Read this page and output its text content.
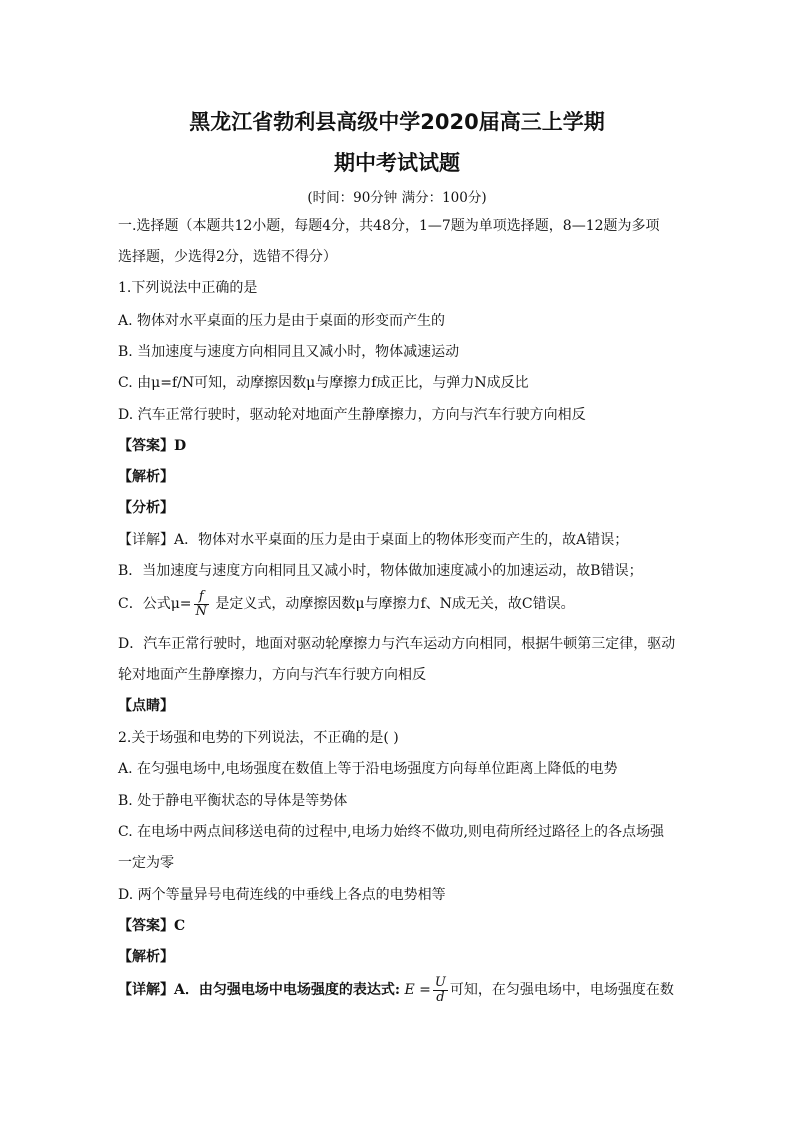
黑龙江省勃利县高级中学2020届高三上学期
期中考试试题
(时间：90分钟 满分：100分)
一.选择题（本题共12小题，每题4分，共48分，1—7题为单项选择题，8—12题为多项
选择题，少选得2分，选错不得分）
1.下列说法中正确的是
A. 物体对水平桌面的压力是由于桌面的形变而产生的
B. 当加速度与速度方向相同且又减小时，物体减速运动
C. 由μ=f/N可知，动摩擦因数μ与摩擦力f成正比，与弹力N成反比
D. 汽车正常行驶时，驱动轮对地面产生静摩擦力，方向与汽车行驶方向相反
【答案】D
【解析】
【分析】
【详解】A．物体对水平桌面的压力是由于桌面上的物体形变而产生的，故A错误；
B．当加速度与速度方向相同且又减小时，物体做加速度减小的加速运动，故B错误；
C．公式$\mu= \frac{f}{N}$ 是定义式，动摩擦因数μ与摩擦力f、N成无关，故C错误。
D．汽车正常行驶时，地面对驱动轮摩擦力与汽车运动方向相同，根据牛顿第三定律，驱动
轮对地面产生静摩擦力，方向与汽车行驶方向相反
【点睛】
2.关于场强和电势的下列说法，不正确的是( )
A. 在匀强电场中,电场强度在数值上等于沿电场强度方向每单位距离上降低的电势
B. 处于静电平衡状态的导体是等势体
C. 在电场中两点间移送电荷的过程中,电场力始终不做功,则电荷所经过路径上的各点场强
一定为零
D. 两个等量异号电荷连线的中垂线上各点的电势相等
【答案】C
【解析】
【详解】A．由匀强电场中电场强度的表达式: $E = \frac{U}{d}$ 可知，在匀强电场中，电场强度在数
